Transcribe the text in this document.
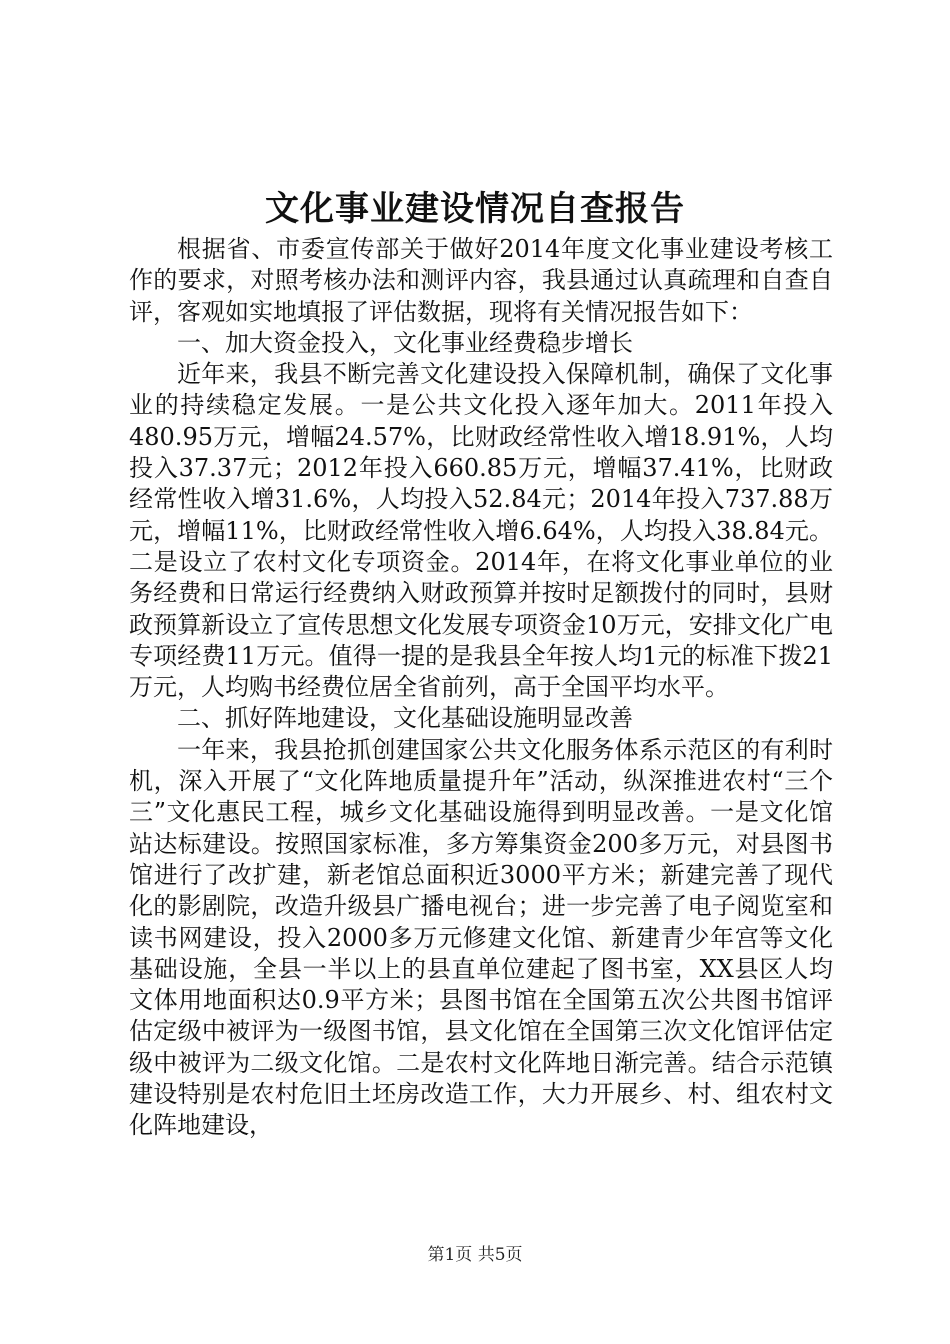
文化事业建设情况自查报告

根据省、市委宣传部关于做好2014年度文化事业建设考核工作的要求，对照考核办法和测评内容，我县通过认真疏理和自查自评，客观如实地填报了评估数据，现将有关情况报告如下：

一、加大资金投入，文化事业经费稳步增长

近年来，我县不断完善文化建设投入保障机制，确保了文化事业的持续稳定发展。一是公共文化投入逐年加大。2011年投入480.95万元，增幅24.57%，比财政经常性收入增18.91%，人均投入37.37元；2012年投入660.85万元，增幅37.41%，比财政经常性收入增31.6%，人均投入52.84元；2014年投入737.88万元，增幅11%，比财政经常性收入增6.64%，人均投入38.84元。二是设立了农村文化专项资金。2014年，在将文化事业单位的业务经费和日常运行经费纳入财政预算并按时足额拨付的同时，县财政预算新设立了宣传思想文化发展专项资金10万元，安排文化广电专项经费11万元。值得一提的是我县全年按人均1元的标准下拨21万元，人均购书经费位居全省前列，高于全国平均水平。

二、抓好阵地建设，文化基础设施明显改善

一年来，我县抢抓创建国家公共文化服务体系示范区的有利时机，深入开展了“文化阵地质量提升年”活动，纵深推进农村“三个三”文化惠民工程，城乡文化基础设施得到明显改善。一是文化馆站达标建设。按照国家标准，多方筹集资金200多万元，对县图书馆进行了改扩建，新老馆总面积近3000平方米；新建完善了现代化的影剧院，改造升级县广播电视台；进一步完善了电子阅览室和读书网建设，投入2000多万元修建文化馆、新建青少年宫等文化基础设施，全县一半以上的县直单位建起了图书室，XX县区人均文体用地面积达0.9平方米；县图书馆在全国第五次公共图书馆评估定级中被评为一级图书馆，县文化馆在全国第三次文化馆评估定级中被评为二级文化馆。二是农村文化阵地日渐完善。结合示范镇建设特别是农村危旧土坯房改造工作，大力开展乡、村、组农村文化阵地建设，

第1页 共5页
